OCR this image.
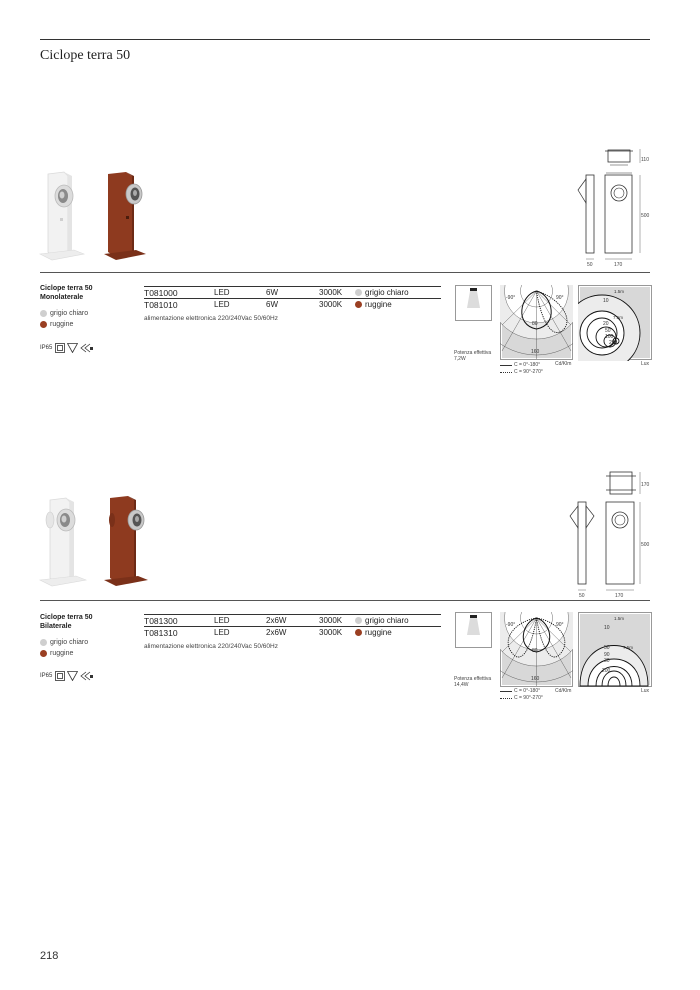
Ciclope terra 50
110
500
50	170
Ciclope terra 50
Monolaterale
grigio chiaro
ruggine
IP65
T081000	LED	6W	3000K	grigio chiaro
T081010	LED	6W	3000K	ruggine
alimentazione elettronica 220/240Vac 50/60Hz
Potenza effettiva
7,2W
-90°	90°
80
160
Cd/Klm
C = 0°-180°
C = 90°-270°
10
20
50
100
200
1.5m
7.5m
Lux
170
500
50	170
Ciclope terra 50
Bilaterale
grigio chiaro
ruggine
IP65
T081300	LED	2x6W	3000K	grigio chiaro
T081310	LED	2x6W	3000K	ruggine
alimentazione elettronica 220/240Vac 50/60Hz
Potenza effettiva
14,4W
-90°	90°
80
160
Cd/Klm
C = 0°-180°
C = 90°-270°
10
50
90
30
200
1.5m
7.5m
Lux
218
